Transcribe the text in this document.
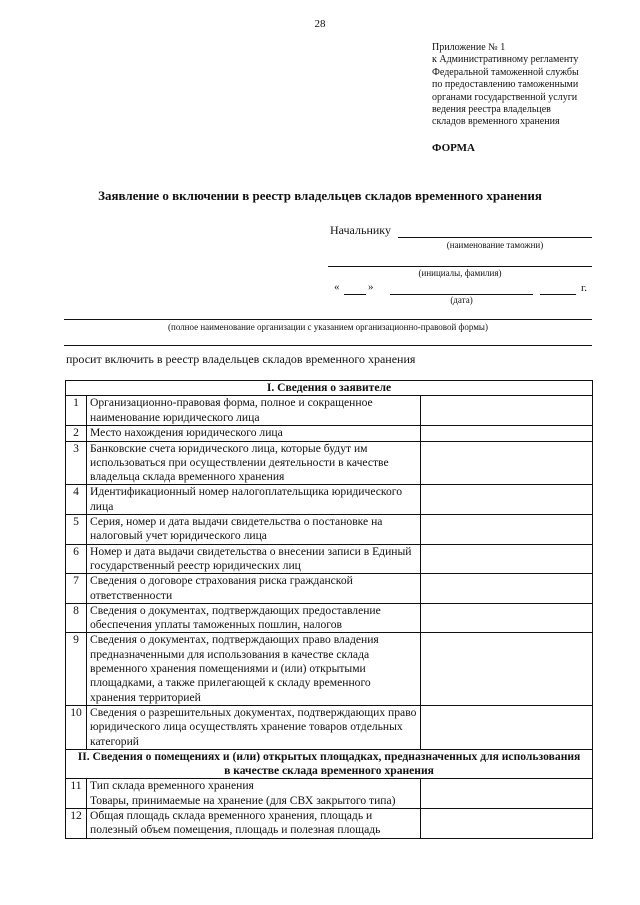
28
Приложение № 1
к Административному регламенту
Федеральной таможенной службы
по предоставлению таможенными
органами государственной услуги
ведения реестра владельцев
складов временного хранения
ФОРМА
Заявление о включении в реестр владельцев складов временного хранения
Начальнику
(наименование таможни)
(инициалы, фамилия)
«	»	г.
(дата)
(полное наименование организации с указанием организационно-правовой формы)
просит включить в реестр владельцев складов временного хранения
I. Сведения о заявителе		
1	Организационно-правовая форма, полное и сокращенное наименование юридического лица	
2	Место нахождения юридического лица	
3	Банковские счета юридического лица, которые будут им использоваться при осуществлении деятельности в качестве владельца склада временного хранения	
4	Идентификационный номер налогоплательщика юридического лица	
5	Серия, номер и дата выдачи свидетельства о постановке на налоговый учет юридического лица	
6	Номер и дата выдачи свидетельства о внесении записи в Единый государственный реестр юридических лиц	
7	Сведения о договоре страхования риска гражданской ответственности	
8	Сведения о документах, подтверждающих предоставление обеспечения уплаты таможенных пошлин, налогов	
9	Сведения о документах, подтверждающих право владения предназначенными для использования в качестве склада временного хранения помещениями и (или) открытыми площадками, а также прилегающей к складу временного хранения территорией	
10	Сведения о разрешительных документах, подтверждающих право юридического лица осуществлять хранение товаров отдельных категорий	
II. Сведения о помещениях и (или) открытых площадках, предназначенных для использования в качестве склада временного хранения		
11	Тип склада временного хранения
Товары, принимаемые на хранение (для СВХ закрытого типа)	

12	Общая площадь склада временного хранения, площадь и полезный объем помещения, площадь и полезная площадь	
